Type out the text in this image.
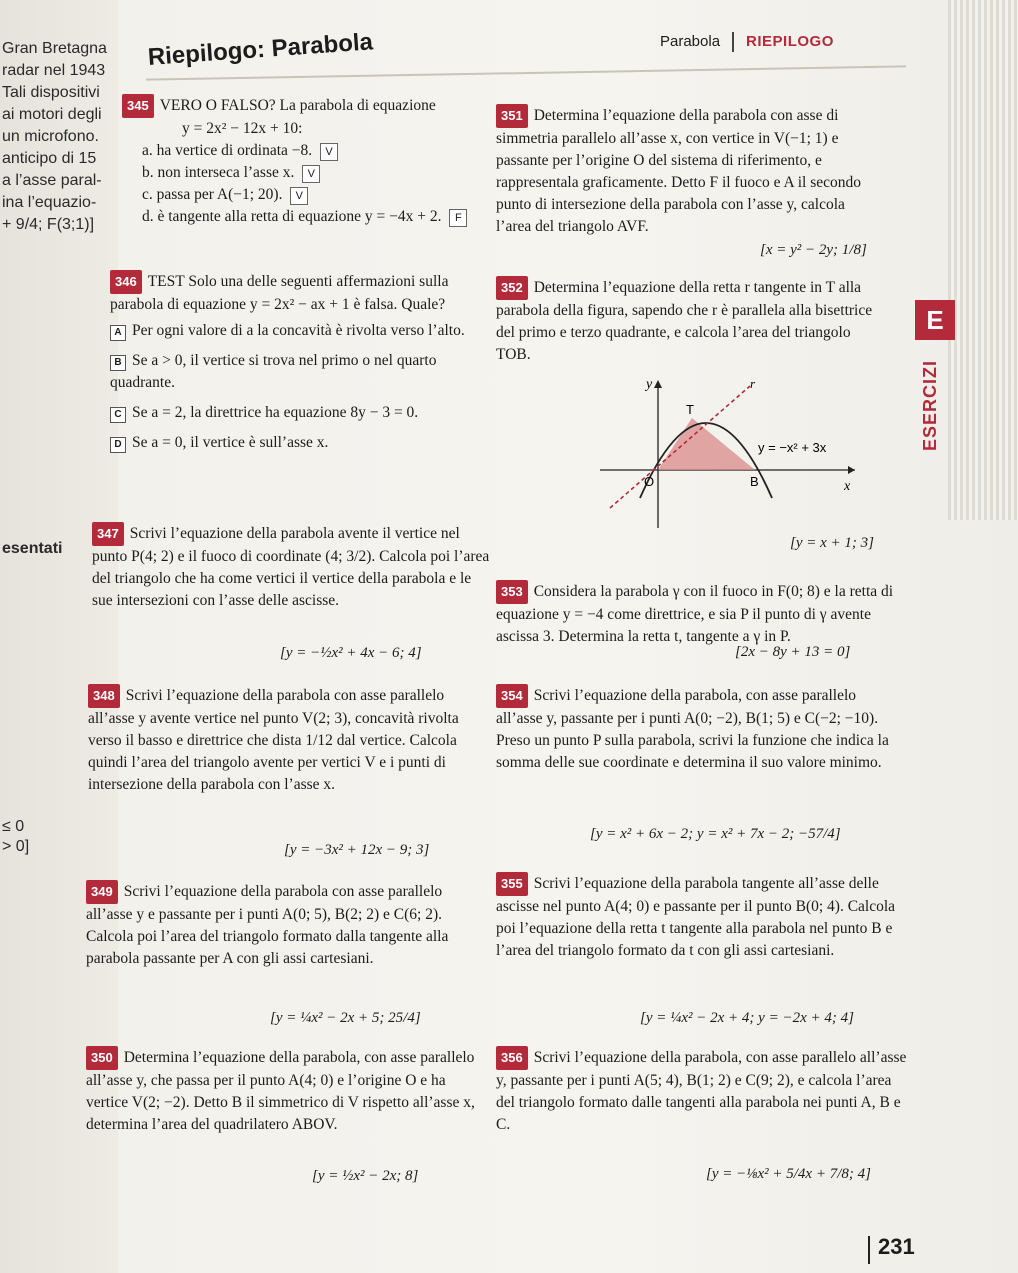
Gran Bretagna
radar nel 1943
Tali dispositivi
ai motori degli
un microfono.
anticipo di 15
a l’asse paral-
ina l’equazio-
+ 9/4; F(3;1)]
esentati
≤ 0
> 0]
Parabola RIEPILOGO
Riepilogo: Parabola
E
ESERCIZI
345 VERO O FALSO? La parabola di equazione
y = 2x² − 12x + 10:
a. ha vertice di ordinata −8. V
b. non interseca l’asse x. V
c. passa per A(−1; 20). V
d. è tangente alla retta di equazione y = −4x + 2. F
346 TEST Solo una delle seguenti affermazioni sulla parabola di equazione y = 2x² − ax + 1 è falsa. Quale?
A Per ogni valore di a la concavità è rivolta verso l’alto.
B Se a > 0, il vertice si trova nel primo o nel quarto quadrante.
C Se a = 2, la direttrice ha equazione 8y − 3 = 0.
D Se a = 0, il vertice è sull’asse x.
347 Scrivi l’equazione della parabola avente il vertice nel punto P(4; 2) e il fuoco di coordinate (4; 3/2). Calcola poi l’area del triangolo che ha come vertici il vertice della parabola e le sue intersezioni con l’asse delle ascisse.
[y = −½x² + 4x − 6; 4]
348 Scrivi l’equazione della parabola con asse parallelo all’asse y avente vertice nel punto V(2; 3), concavità rivolta verso il basso e direttrice che dista 1/12 dal vertice. Calcola quindi l’area del triangolo avente per vertici V e i punti di intersezione della parabola con l’asse x.
[y = −3x² + 12x − 9; 3]
349 Scrivi l’equazione della parabola con asse parallelo all’asse y e passante per i punti A(0; 5), B(2; 2) e C(6; 2). Calcola poi l’area del triangolo formato dalla tangente alla parabola passante per A con gli assi cartesiani.
[y = ¼x² − 2x + 5; 25/4]
350 Determina l’equazione della parabola, con asse parallelo all’asse y, che passa per il punto A(4; 0) e l’origine O e ha vertice V(2; −2). Detto B il simmetrico di V rispetto all’asse x, determina l’area del quadrilatero ABOV.
[y = ½x² − 2x; 8]
351 Determina l’equazione della parabola con asse di simmetria parallelo all’asse x, con vertice in V(−1; 1) e passante per l’origine O del sistema di riferimento, e rappresentala graficamente. Detto F il fuoco e A il secondo punto di intersezione della parabola con l’asse y, calcola l’area del triangolo AVF.
[x = y² − 2y; 1/8]
352 Determina l’equazione della retta r tangente in T alla parabola della figura, sapendo che r è parallela alla bisettrice del primo e terzo quadrante, e calcola l’area del triangolo TOB.
y
x
T
O	B
r
y = −x² + 3x
[y = x + 1; 3]
353 Considera la parabola γ con il fuoco in F(0; 8) e la retta di equazione y = −4 come direttrice, e sia P il punto di γ avente ascissa 3. Determina la retta t, tangente a γ in P.
[2x − 8y + 13 = 0]
354 Scrivi l’equazione della parabola, con asse parallelo all’asse y, passante per i punti A(0; −2), B(1; 5) e C(−2; −10). Preso un punto P sulla parabola, scrivi la funzione che indica la somma delle sue coordinate e determina il suo valore minimo.
[y = x² + 6x − 2; y = x² + 7x − 2; −57/4]
355 Scrivi l’equazione della parabola tangente all’asse delle ascisse nel punto A(4; 0) e passante per il punto B(0; 4). Calcola poi l’equazione della retta t tangente alla parabola nel punto B e l’area del triangolo formato da t con gli assi cartesiani.
[y = ¼x² − 2x + 4; y = −2x + 4; 4]
356 Scrivi l’equazione della parabola, con asse parallelo all’asse y, passante per i punti A(5; 4), B(1; 2) e C(9; 2), e calcola l’area del triangolo formato dalle tangenti alla parabola nei punti A, B e C.
[y = −⅛x² + 5/4x + 7/8; 4]
231
